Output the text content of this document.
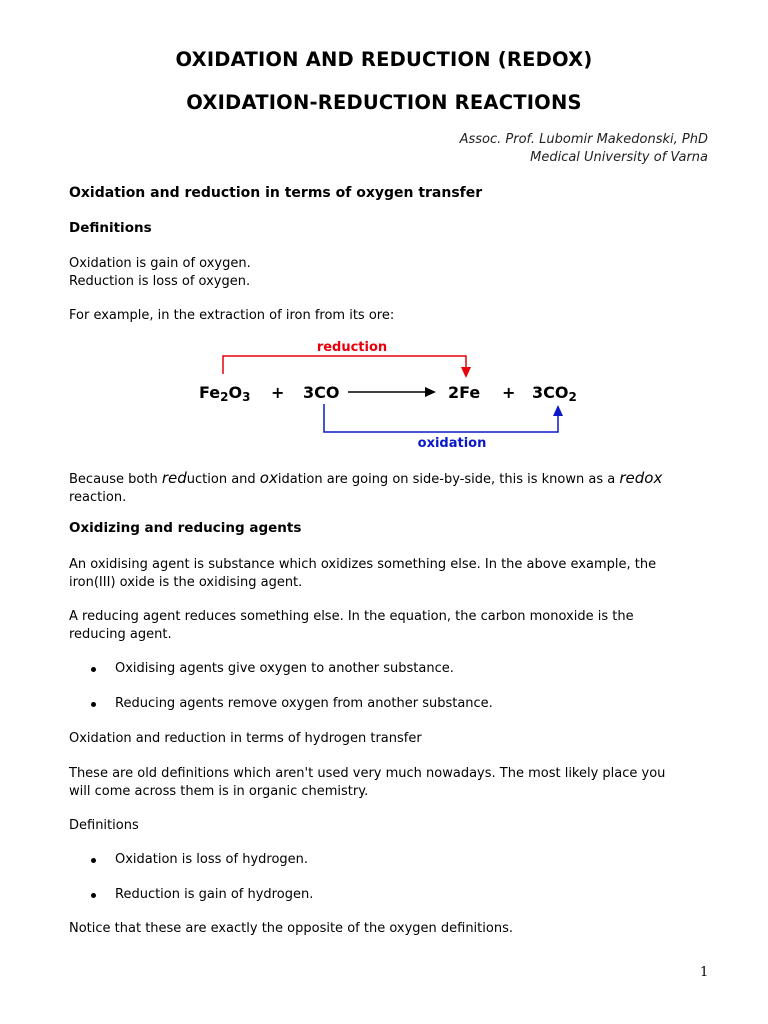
OXIDATION AND REDUCTION (REDOX)
OXIDATION-REDUCTION REACTIONS
Assoc. Prof. Lubomir Makedonski, PhD
Medical University of Varna
Oxidation and reduction in terms of oxygen transfer
Definitions
Oxidation is gain of oxygen.
Reduction is loss of oxygen.
For example, in the extraction of iron from its ore:
reduction
Fe2O3 + 3CO	2Fe + 3CO2
oxidation
Because both reduction and oxidation are going on side-by-side, this is known as a redox
reaction.
Oxidizing and reducing agents
An oxidising agent is substance which oxidizes something else. In the above example, the
iron(III) oxide is the oxidising agent.
A reducing agent reduces something else. In the equation, the carbon monoxide is the
reducing agent.
Oxidising agents give oxygen to another substance.
Reducing agents remove oxygen from another substance.
Oxidation and reduction in terms of hydrogen transfer
These are old definitions which aren't used very much nowadays. The most likely place you
will come across them is in organic chemistry.
Definitions
Oxidation is loss of hydrogen.
Reduction is gain of hydrogen.
Notice that these are exactly the opposite of the oxygen definitions.
1
